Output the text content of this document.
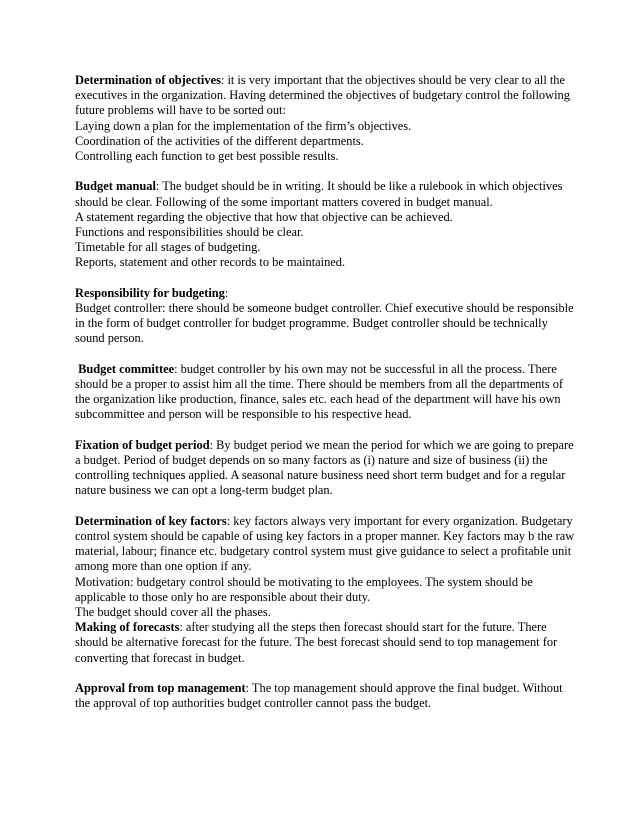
Determination of objectives: it is very important that the objectives should be very clear to all the executives in the organization. Having determined the objectives of budgetary control the following future problems will have to be sorted out:
Laying down a plan for the implementation of the firm’s objectives.
Coordination of the activities of the different departments.
Controlling each function to get best possible results.
Budget manual: The budget should be in writing. It should be like a rulebook in which objectives should be clear. Following of the some important matters covered in budget manual.
A statement regarding the objective that how that objective can be achieved.
Functions and responsibilities should be clear.
Timetable for all stages of budgeting.
Reports, statement and other records to be maintained.
Responsibility for budgeting:
Budget controller: there should be someone budget controller. Chief executive should be responsible in the form of budget controller for budget programme. Budget controller should be technically sound person.
Budget committee: budget controller by his own may not be successful in all the process. There should be a proper to assist him all the time. There should be members from all the departments of the organization like production, finance, sales etc. each head of the department will have his own subcommittee and person will be responsible to his respective head.
Fixation of budget period: By budget period we mean the period for which we are going to prepare a budget. Period of budget depends on so many factors as (i) nature and size of business (ii) the controlling techniques applied. A seasonal nature business need short term budget and for a regular nature business we can opt a long-term budget plan.
Determination of key factors: key factors always very important for every organization. Budgetary control system should be capable of using key factors in a proper manner. Key factors may b the raw material, labour; finance etc. budgetary control system must give guidance to select a profitable unit among more than one option if any.
Motivation: budgetary control should be motivating to the employees. The system should be applicable to those only ho are responsible about their duty.
The budget should cover all the phases.
Making of forecasts: after studying all the steps then forecast should start for the future. There should be alternative forecast for the future. The best forecast should send to top management for converting that forecast in budget.
Approval from top management: The top management should approve the final budget. Without the approval of top authorities budget controller cannot pass the budget.
